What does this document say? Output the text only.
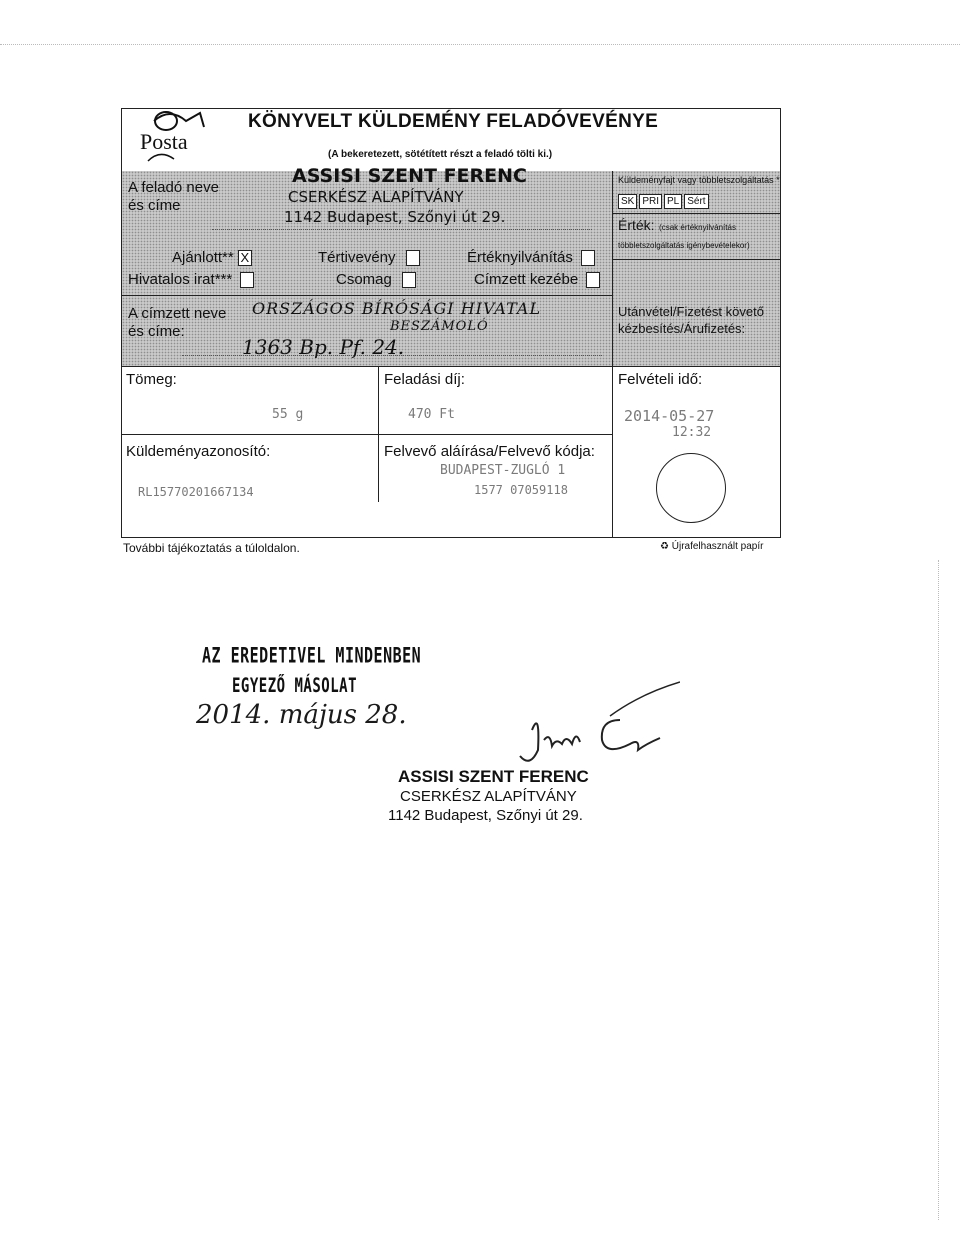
Posta
KÖNYVELT KÜLDEMÉNY FELADÓVEVÉNYE
(A bekeretezett, sötétített részt a feladó tölti ki.)
A feladó neve
és címe
ASSISI SZENT FERENC
CSERKÉSZ ALAPÍTVÁNY
1142 Budapest, Szőnyi út 29.
Küldeményfajt vagy többletszolgáltatás *
SK PRI PL Sért
Érték: (csak értéknyilvánítás többletszolgáltatás igénybevételekor)
Ajánlott** X	Tértivevény	Értéknyilvánítás
Hivatalos irat***	Csomag	Címzett kezébe
A címzett neve
és címe:
ORSZÁGOS BÍRÓSÁGI HIVATAL
BESZÁMOLÓ
1363 Bp. Pf. 24.
Utánvétel/Fizetést követő kézbesítés/Árufizetés:
Tömeg:
55 g
Feladási díj:
470 Ft
Felvételi idő:
2014-05-27
12:32
Küldeményazonosító:
RL15770201667134
Felvevő aláírása/Felvevő kódja:
BUDAPEST-ZUGLÓ 1
1577 07059118
További tájékoztatás a túloldalon.	♻ Újrafelhasznált papír
AZ EREDETIVEL MINDENBEN
EGYEZŐ MÁSOLAT
2014. május 28.
ASSISI SZENT FERENC
CSERKÉSZ ALAPÍTVÁNY
1142 Budapest, Szőnyi út 29.
